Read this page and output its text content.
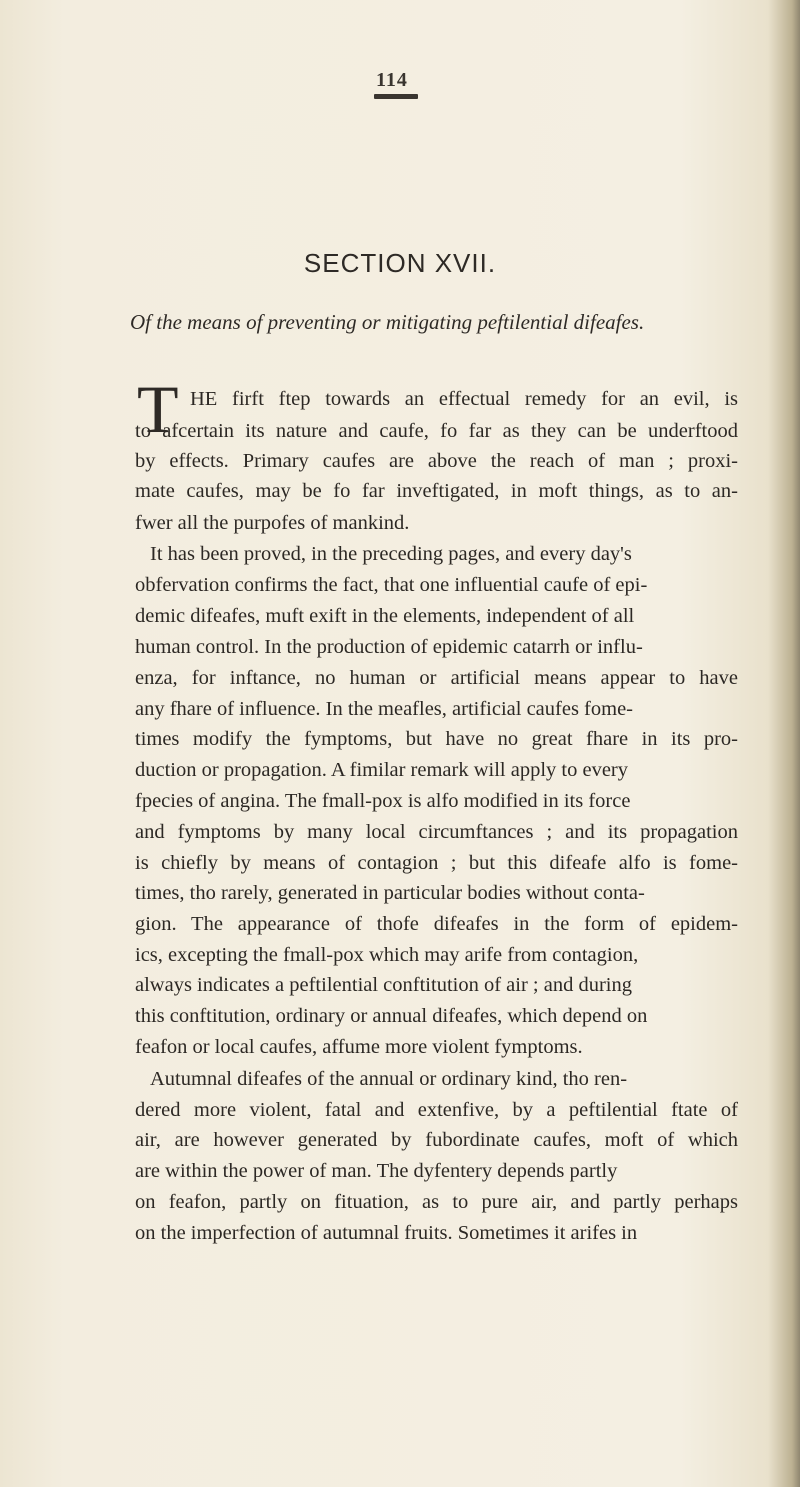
114
SECTION XVII.
Of the means of preventing or mitigating peftilential difeafes.
T HE firft ftep towards an effectual remedy for an evil, is
to afcertain its nature and caufe, fo far as they can be underftood
by effects. Primary caufes are above the reach of man ; proxi-
mate caufes, may be fo far inveftigated, in moft things, as to an-
fwer all the purpofes of mankind.
It has been proved, in the preceding pages, and every day's
obfervation confirms the fact, that one influential caufe of epi-
demic difeafes, muft exift in the elements, independent of all
human control. In the production of epidemic catarrh or influ-
enza, for inftance, no human or artificial means appear to have
any fhare of influence. In the meafles, artificial caufes fome-
times modify the fymptoms, but have no great fhare in its pro-
duction or propagation. A fimilar remark will apply to every
fpecies of angina. The fmall-pox is alfo modified in its force
and fymptoms by many local circumftances ; and its propagation
is chiefly by means of contagion ; but this difeafe alfo is fome-
times, tho rarely, generated in particular bodies without conta-
gion. The appearance of thofe difeafes in the form of epidem-
ics, excepting the fmall-pox which may arife from contagion,
always indicates a peftilential conftitution of air ; and during
this conftitution, ordinary or annual difeafes, which depend on
feafon or local caufes, affume more violent fymptoms.
Autumnal difeafes of the annual or ordinary kind, tho ren-
dered more violent, fatal and extenfive, by a peftilential ftate of
air, are however generated by fubordinate caufes, moft of which
are within the power of man. The dyfentery depends partly
on feafon, partly on fituation, as to pure air, and partly perhaps
on the imperfection of autumnal fruits. Sometimes it arifes in
